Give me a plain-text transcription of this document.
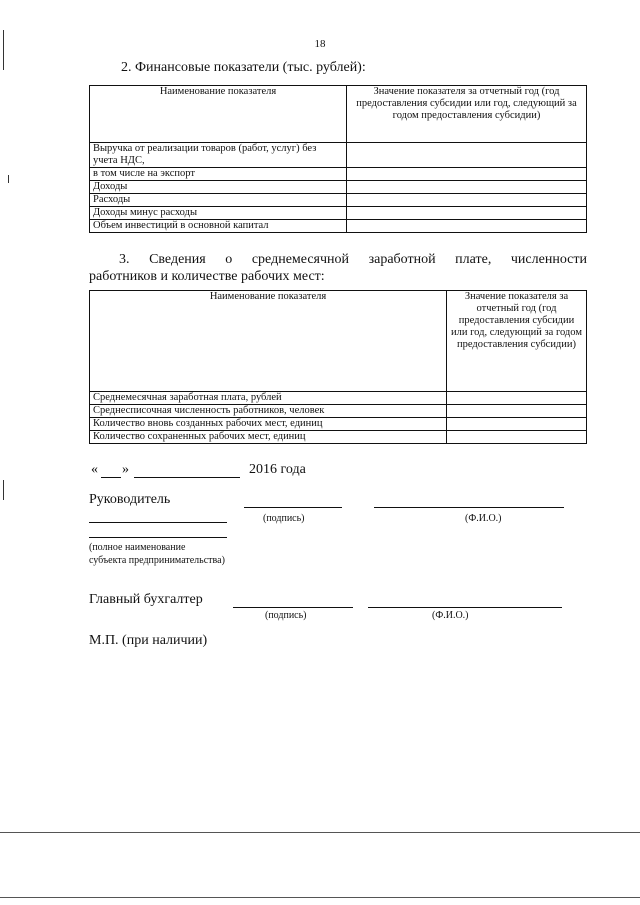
18
2. Финансовые показатели (тыс. рублей):
Наименование показателя	Значение показателя за отчетный год (год предоставления субсидии или год, следующий за годом предоставления субсидии)
Выручка от реализации товаров (работ, услуг) без учета НДС,	
в том числе на экспорт	
Доходы	
Расходы	
Доходы минус расходы	
Объем инвестиций в основной капитал	
3. Сведения о среднемесячной заработной плате, численности
работников и количестве рабочих мест:
Наименование показателя	Значение показателя за отчетный год (год предоставления субсидии или год, следующий за годом предоставления субсидии)
Среднемесячная заработная плата, рублей	
Среднесписочная численность работников, человек	
Количество вновь созданных рабочих мест, единиц	
Количество сохраненных рабочих мест, единиц	
« »	2016 года
Руководитель
(подпись)	(Ф.И.О.)
(полное наименование
субъекта предпринимательства)
Главный бухгалтер
(подпись)	(Ф.И.О.)
М.П. (при наличии)
